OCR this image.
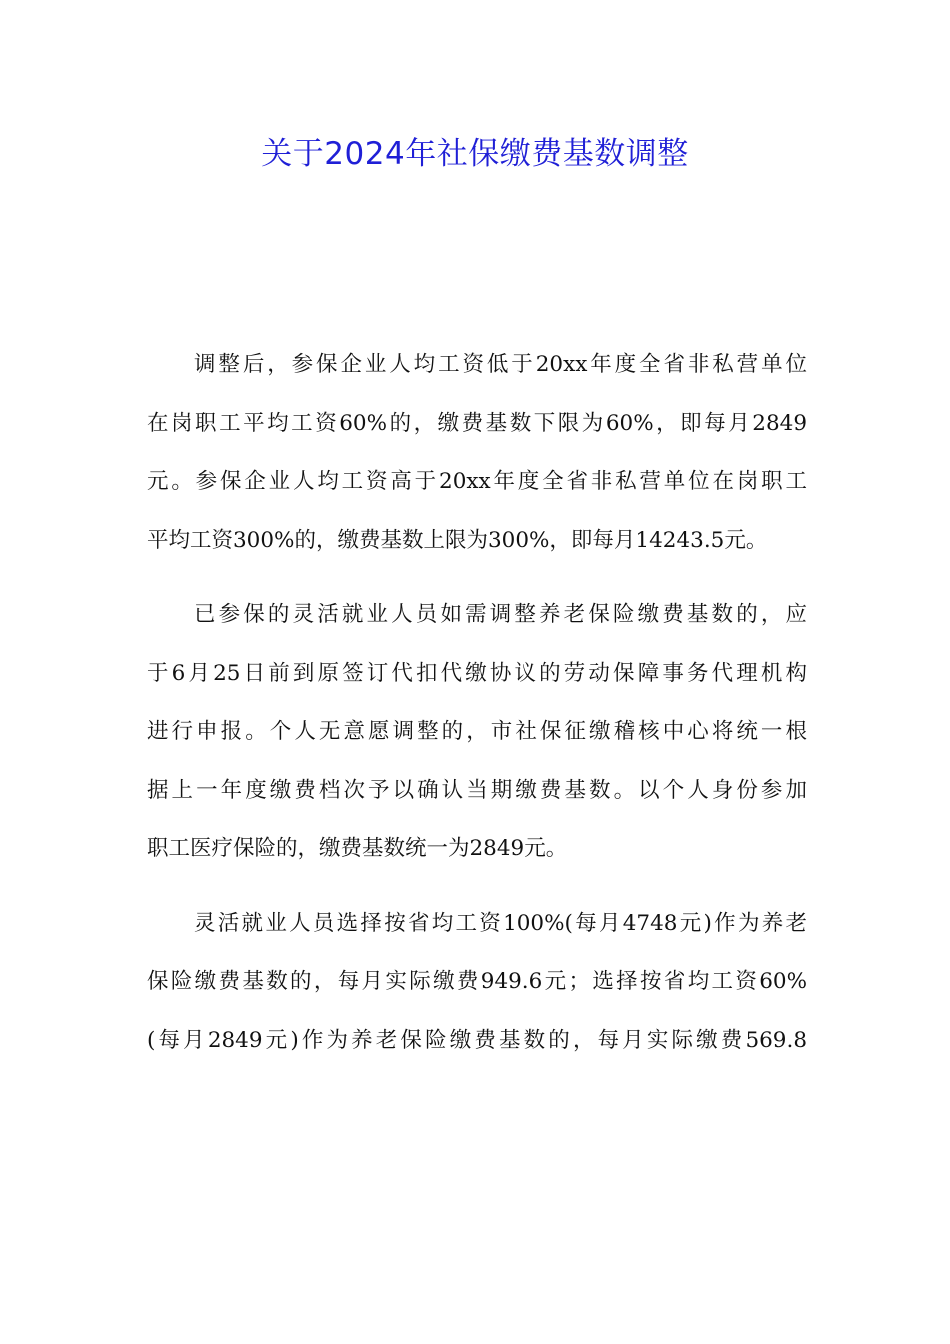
关于2024年社保缴费基数调整
调整后，参保企业人均工资低于20xx年度全省非私营单位
在岗职工平均工资60%的，缴费基数下限为60%，即每月2849
元。参保企业人均工资高于20xx年度全省非私营单位在岗职工
平均工资300%的，缴费基数上限为300%，即每月14243.5元。
已参保的灵活就业人员如需调整养老保险缴费基数的，应
于6月25日前到原签订代扣代缴协议的劳动保障事务代理机构
进行申报。个人无意愿调整的，市社保征缴稽核中心将统一根
据上一年度缴费档次予以确认当期缴费基数。以个人身份参加
职工医疗保险的，缴费基数统一为2849元。
灵活就业人员选择按省均工资100%(每月4748元)作为养老
保险缴费基数的，每月实际缴费949.6元；选择按省均工资60%
(每月2849元)作为养老保险缴费基数的，每月实际缴费569.8
